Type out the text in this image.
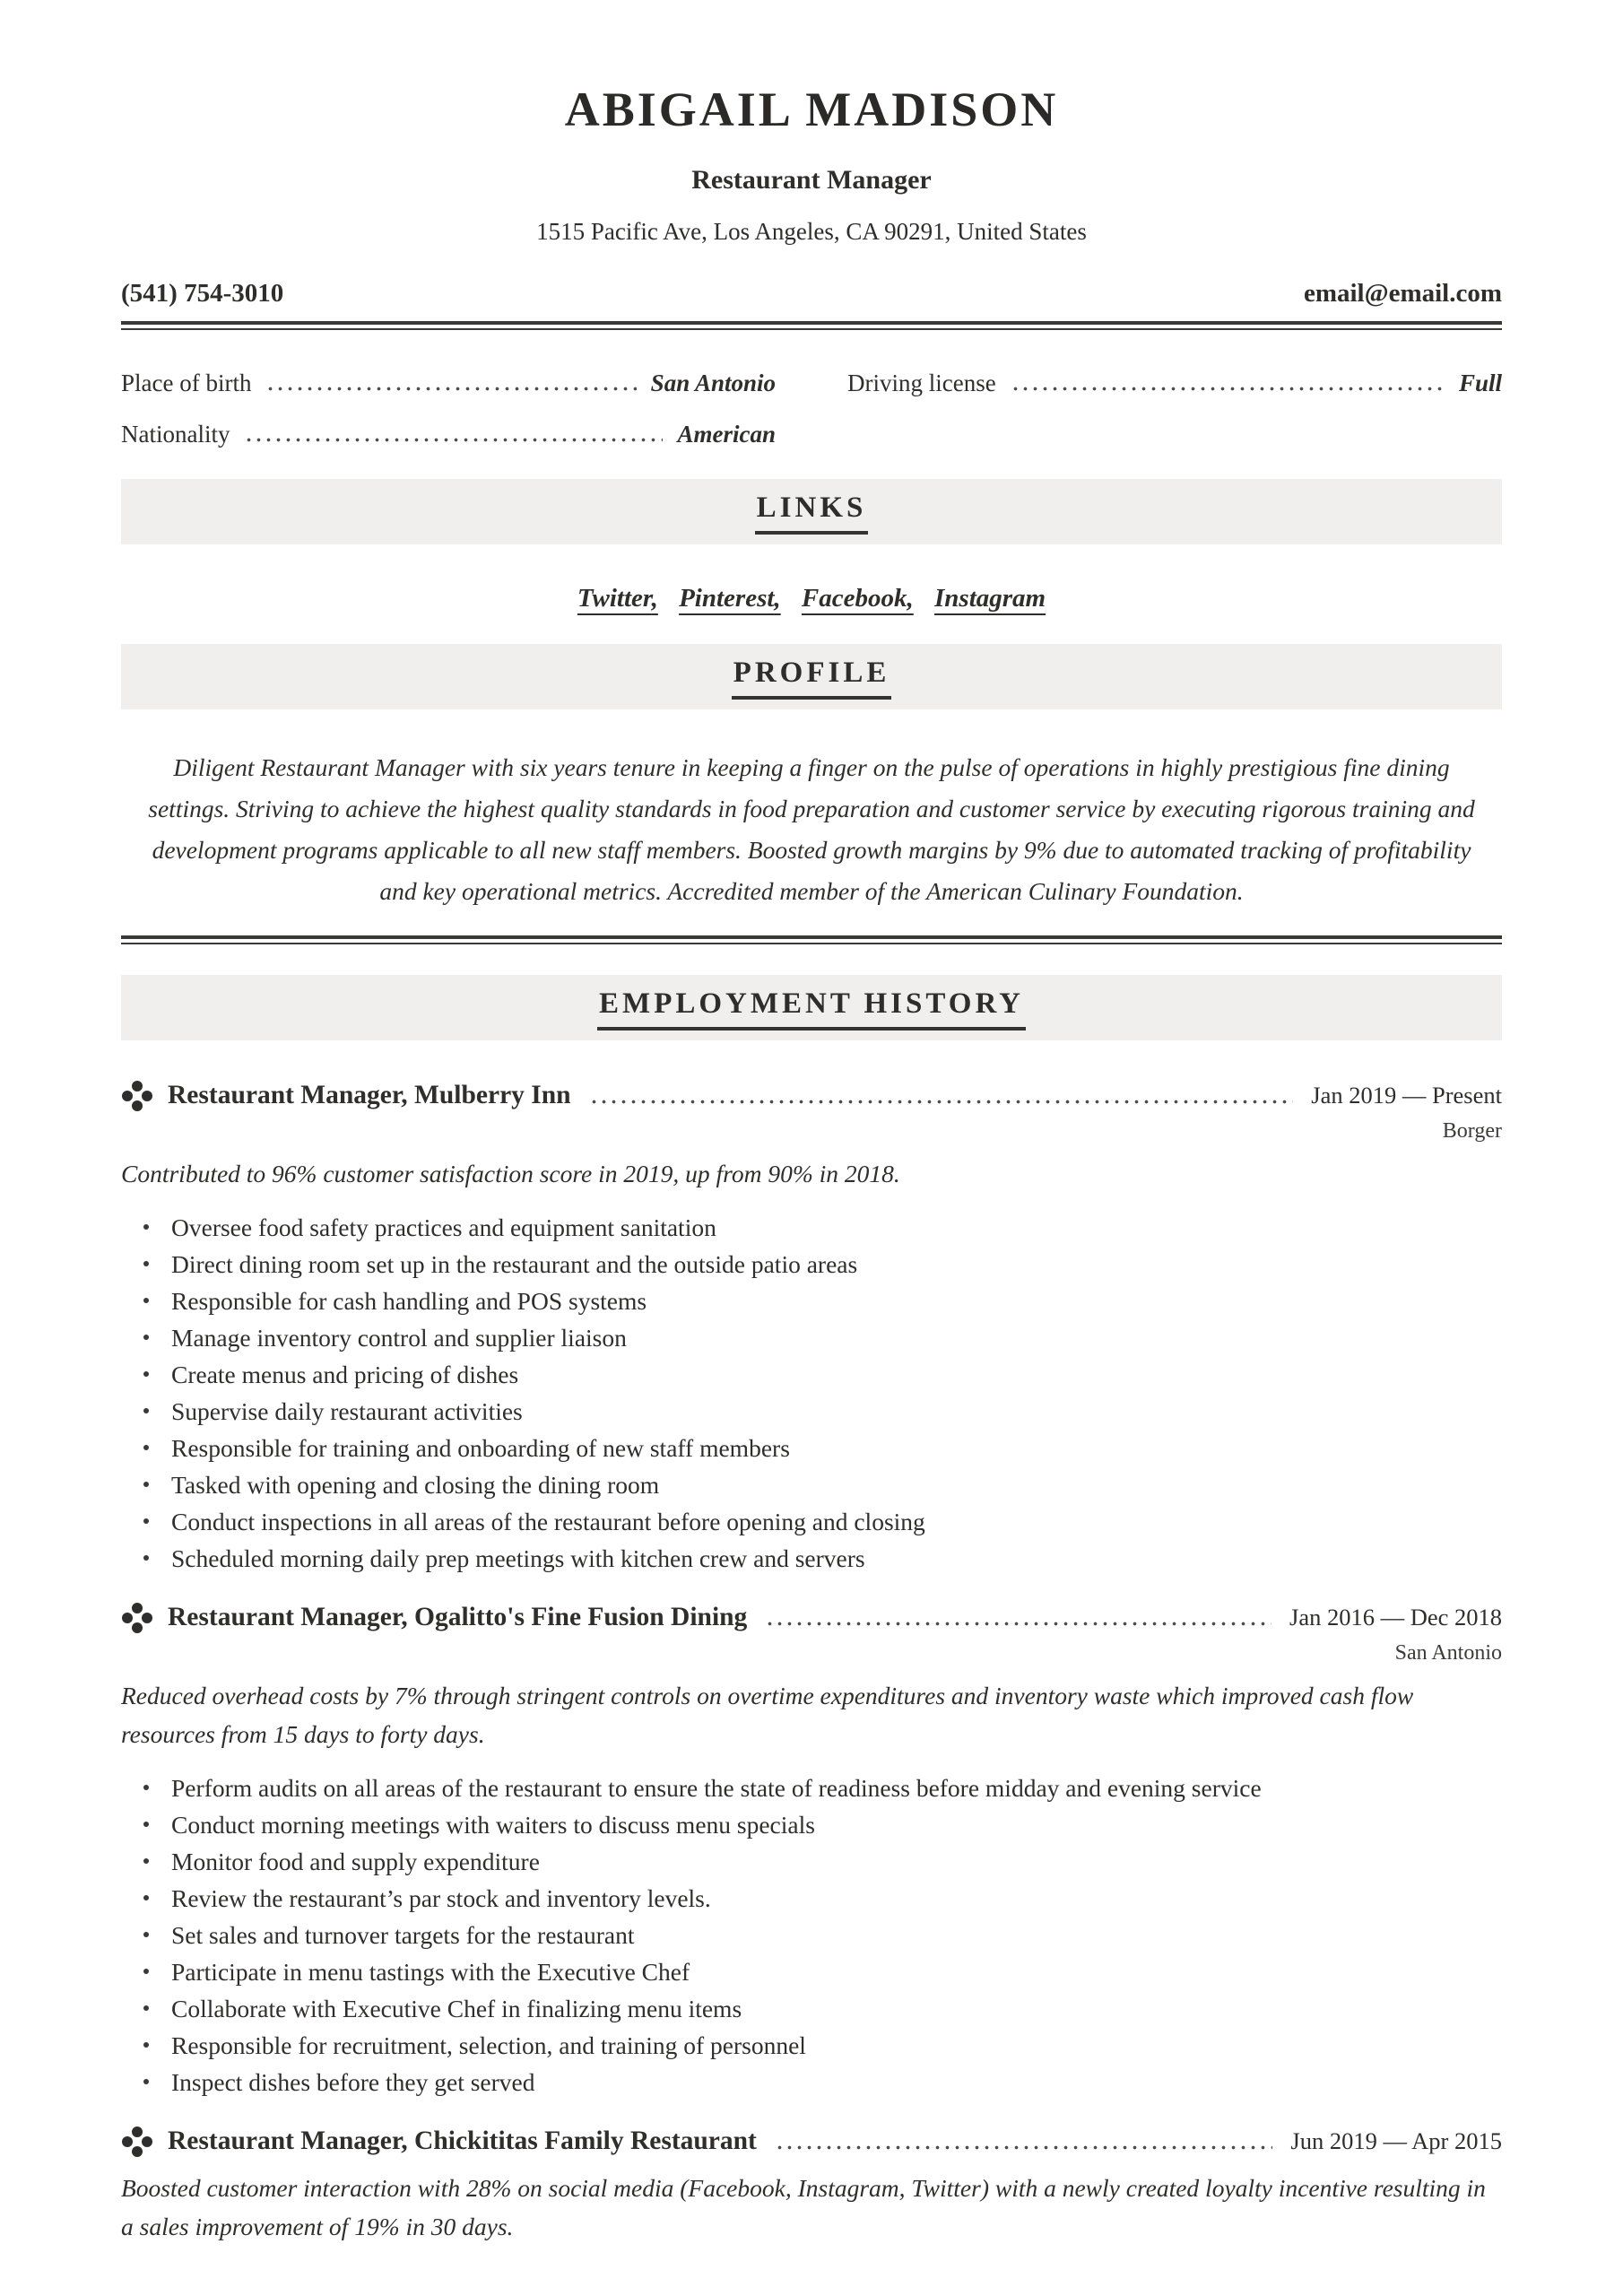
ABIGAIL MADISON
Restaurant Manager
1515 Pacific Ave, Los Angeles, CA 90291, United States
(541) 754-3010	email@email.com
Place of birth	San Antonio	Driving license	Full
Nationality	American
LINKS
Twitter , Pinterest , Facebook , Instagram
PROFILE

Diligent Restaurant Manager with six years tenure in keeping a finger on the pulse of operations in highly prestigious fine dining settings. Striving to achieve the highest quality standards in food preparation and customer service by executing rigorous training and development programs applicable to all new staff members. Boosted growth margins by 9% due to automated tracking of profitability and key operational metrics. Accredited member of the American Culinary Foundation.

EMPLOYMENT HISTORY
Restaurant Manager, Mulberry Inn	Jan 2019 — Present
Borger

Contributed to 96% customer satisfaction score in 2019, up from 90% in 2018.

Oversee food safety practices and equipment sanitation
Direct dining room set up in the restaurant and the outside patio areas
Responsible for cash handling and POS systems
Manage inventory control and supplier liaison
Create menus and pricing of dishes
Supervise daily restaurant activities
Responsible for training and onboarding of new staff members
Tasked with opening and closing the dining room
Conduct inspections in all areas of the restaurant before opening and closing
Scheduled morning daily prep meetings with kitchen crew and servers
Restaurant Manager, Ogalitto's Fine Fusion Dining	Jan 2016 — Dec 2018
San Antonio

Reduced overhead costs by 7% through stringent controls on overtime expenditures and inventory waste which improved cash flow resources from 15 days to forty days.

Perform audits on all areas of the restaurant to ensure the state of readiness before midday and evening service
Conduct morning meetings with waiters to discuss menu specials
Monitor food and supply expenditure
Review the restaurant’s par stock and inventory levels.
Set sales and turnover targets for the restaurant
Participate in menu tastings with the Executive Chef
Collaborate with Executive Chef in finalizing menu items
Responsible for recruitment, selection, and training of personnel
Inspect dishes before they get served
Restaurant Manager, Chickititas Family Restaurant	Jun 2019 — Apr 2015

Boosted customer interaction with 28% on social media (Facebook, Instagram, Twitter) with a newly created loyalty incentive resulting in a sales improvement of 19% in 30 days.
